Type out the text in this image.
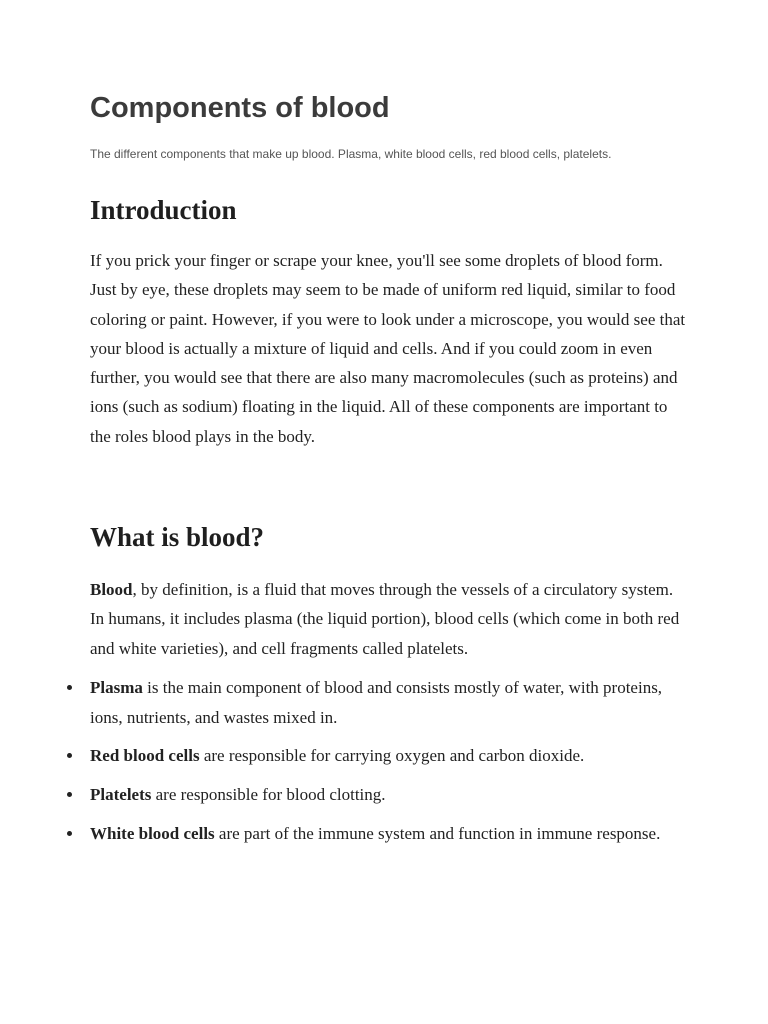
Components of blood

The different components that make up blood. Plasma, white blood cells, red blood cells, platelets.

Introduction

If you prick your finger or scrape your knee, you'll see some droplets of blood form. Just by eye, these droplets may seem to be made of uniform red liquid, similar to food coloring or paint. However, if you were to look under a microscope, you would see that your blood is actually a mixture of liquid and cells. And if you could zoom in even further, you would see that there are also many macromolecules (such as proteins) and ions (such as sodium) floating in the liquid. All of these components are important to the roles blood plays in the body.

What is blood?

Blood, by definition, is a fluid that moves through the vessels of a circulatory system. In humans, it includes plasma (the liquid portion), blood cells (which come in both red and white varieties), and cell fragments called platelets.

Plasma is the main component of blood and consists mostly of water, with proteins, ions, nutrients, and wastes mixed in.
Red blood cells are responsible for carrying oxygen and carbon dioxide.
Platelets are responsible for blood clotting.
White blood cells are part of the immune system and function in immune response.
